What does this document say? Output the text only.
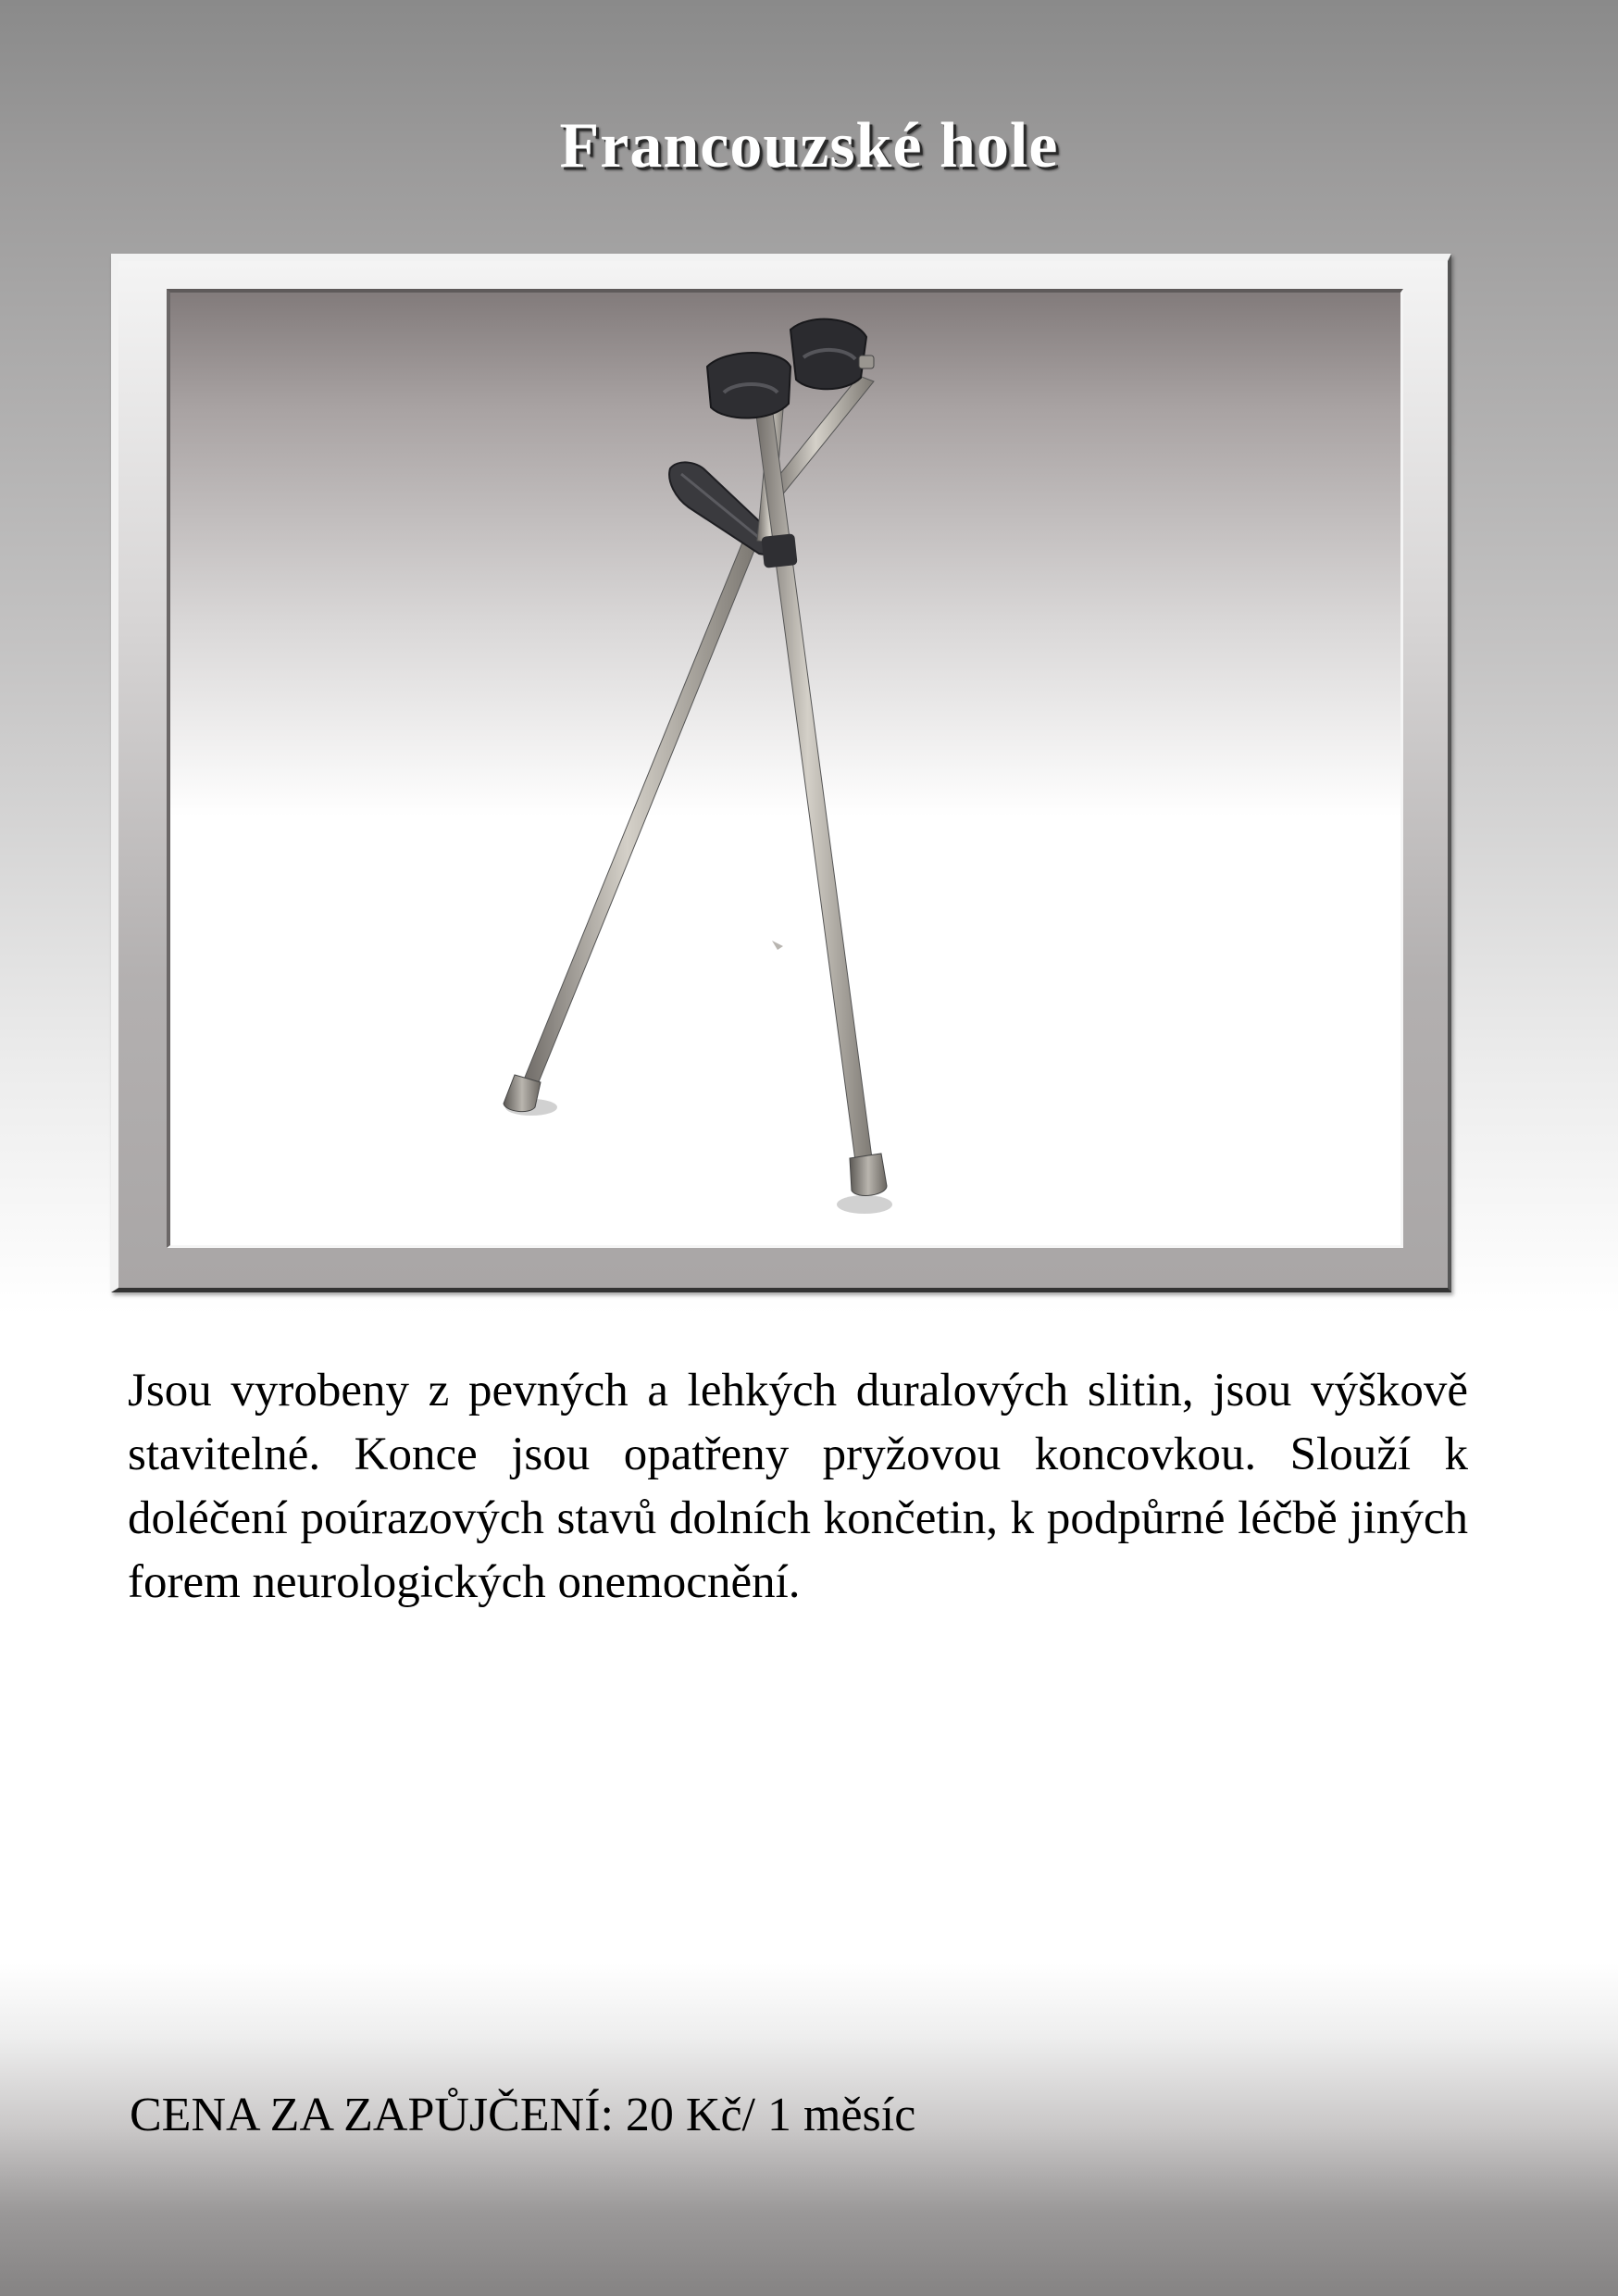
Francouzské hole
Jsou vyrobeny z pevných a lehkých duralových slitin, jsou výškově stavitelné. Konce jsou opatřeny pryžovou koncovkou. Slouží k doléčení poúrazových stavů dolních končetin, k podpůrné léčbě jiných forem neurologických onemocnění.
CENA ZA ZAPŮJČENÍ: 20 Kč/ 1 měsíc
